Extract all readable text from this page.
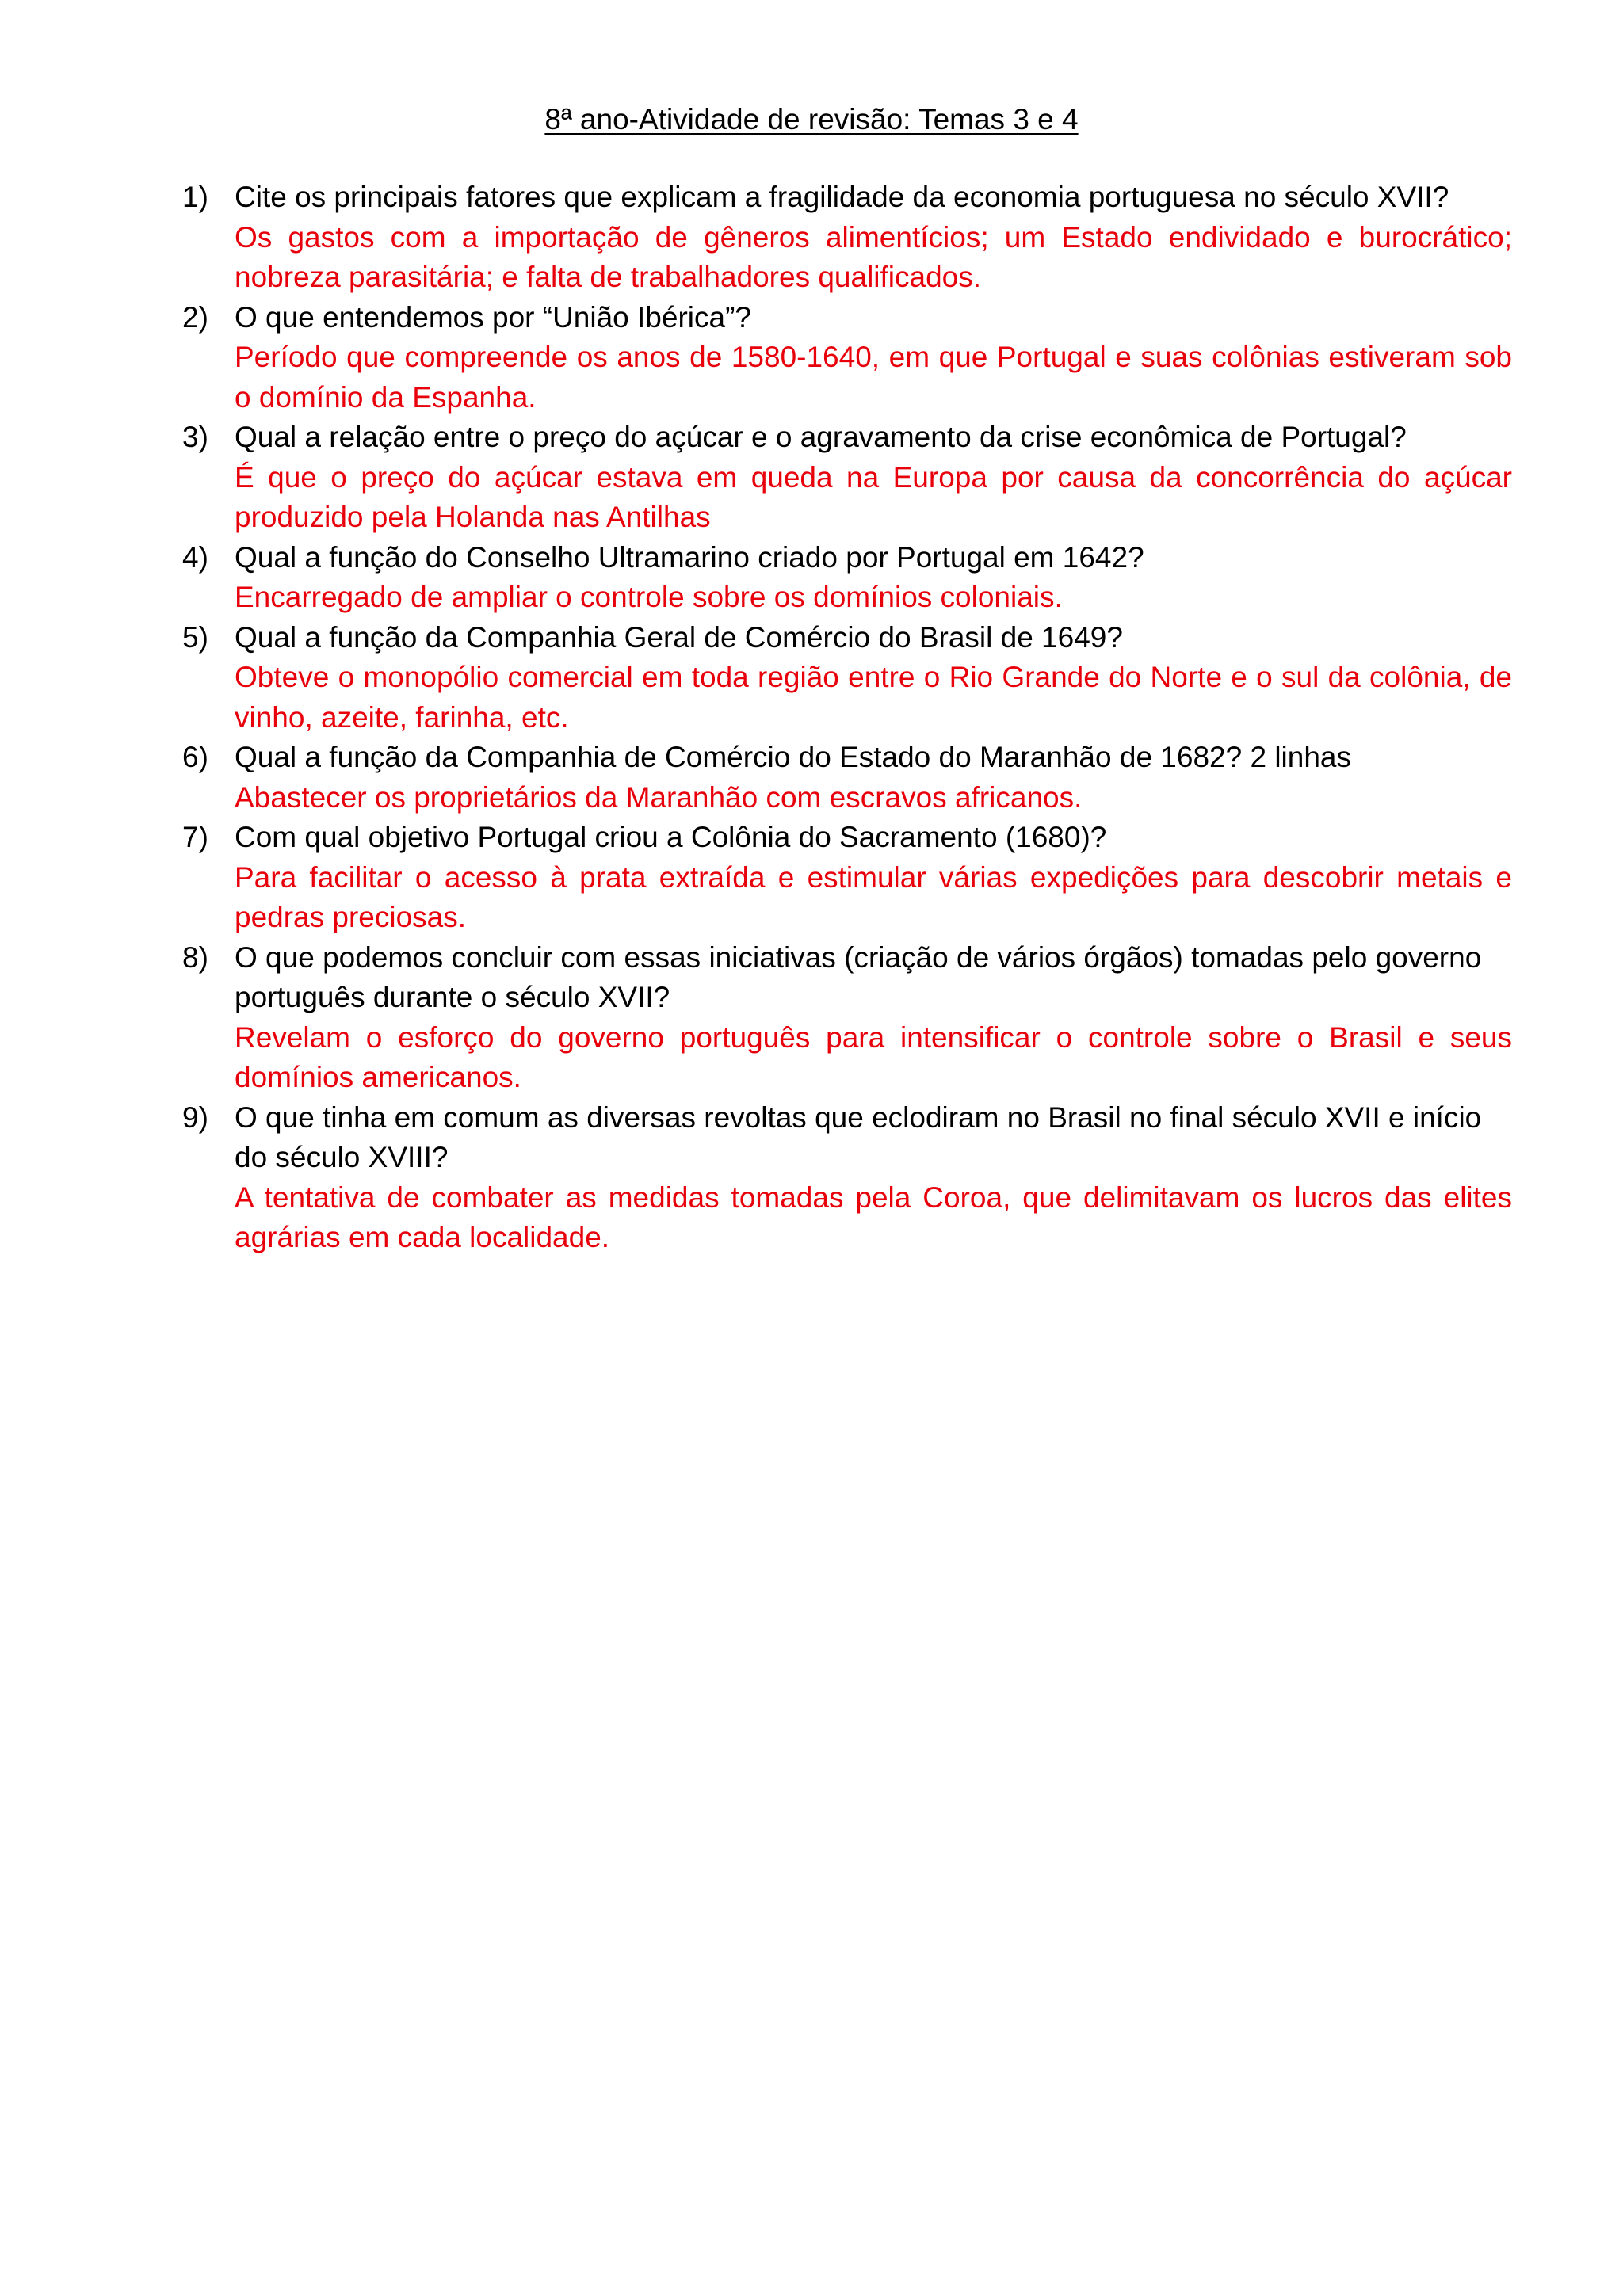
8ª ano-Atividade de revisão: Temas 3 e 4
1) Cite os principais fatores que explicam a fragilidade da economia portuguesa no século XVII?

Os gastos com a importação de gêneros alimentícios; um Estado endividado e burocrático; nobreza parasitária; e falta de trabalhadores qualificados.

2) O que entendemos por “União Ibérica”?

Período que compreende os anos de 1580-1640, em que Portugal e suas colônias estiveram sob o domínio da Espanha.

3) Qual a relação entre o preço do açúcar e o agravamento da crise econômica de Portugal?

É que o preço do açúcar estava em queda na Europa por causa da concorrência do açúcar produzido pela Holanda nas Antilhas

4) Qual a função do Conselho Ultramarino criado por Portugal em 1642?

Encarregado de ampliar o controle sobre os domínios coloniais.

5) Qual a função da Companhia Geral de Comércio do Brasil de 1649?

Obteve o monopólio comercial em toda região entre o Rio Grande do Norte e o sul da colônia, de vinho, azeite, farinha, etc.

6) Qual a função da Companhia de Comércio do Estado do Maranhão de 1682? 2 linhas

Abastecer os proprietários da Maranhão com escravos africanos.

7) Com qual objetivo Portugal criou a Colônia do Sacramento (1680)?

Para facilitar o acesso à prata extraída e estimular várias expedições para descobrir metais e pedras preciosas.

8) O que podemos concluir com essas iniciativas (criação de vários órgãos) tomadas pelo governo português durante o século XVII?

Revelam o esforço do governo português para intensificar o controle sobre o Brasil e seus domínios americanos.

9) O que tinha em comum as diversas revoltas que eclodiram no Brasil no final século XVII e início do século XVIII?

A tentativa de combater as medidas tomadas pela Coroa, que delimitavam os lucros das elites agrárias em cada localidade.
